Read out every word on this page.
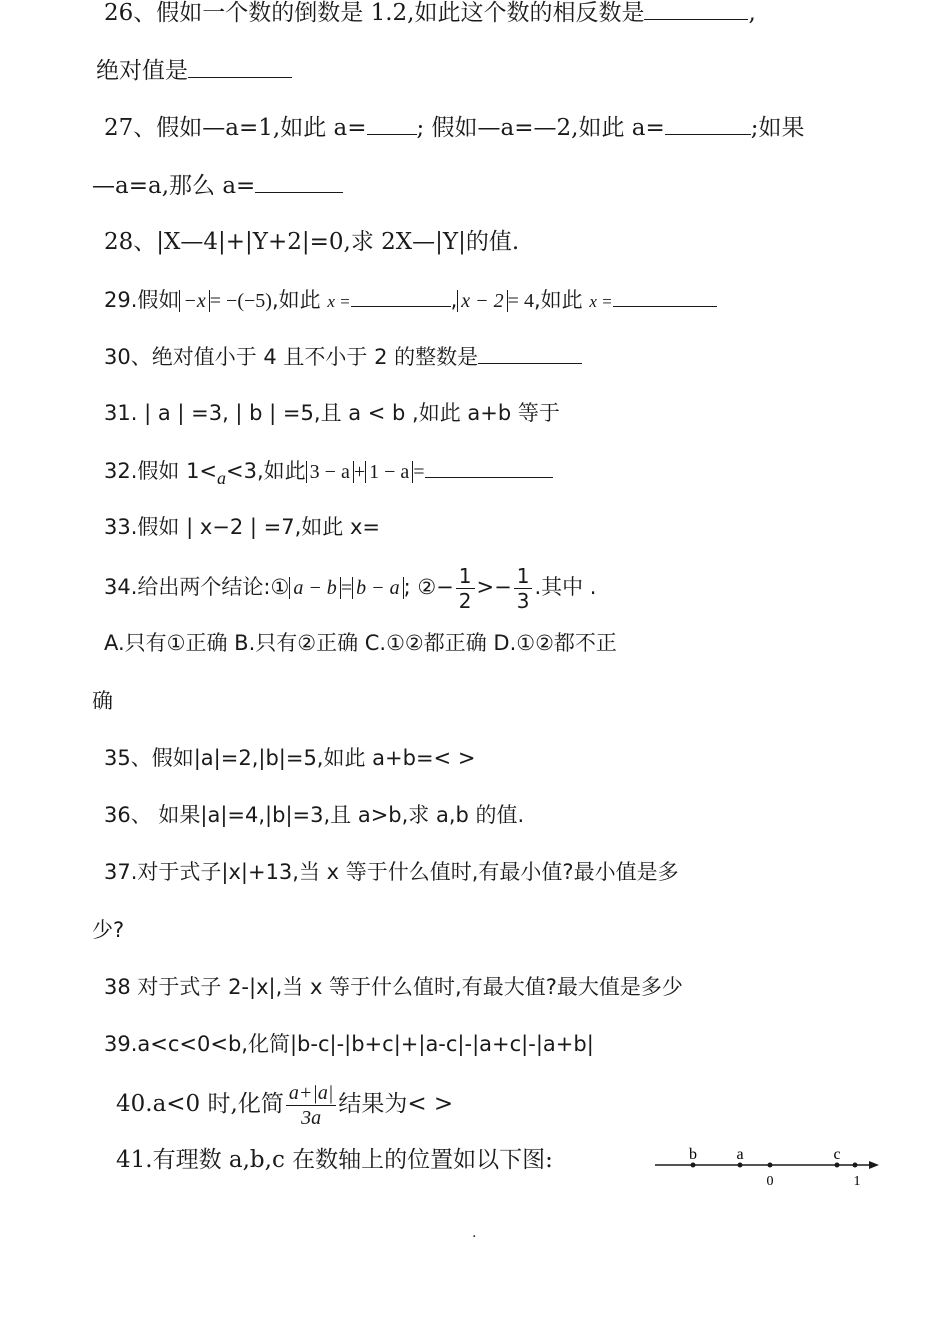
26、假如一个数的倒数是 1.2,如此这个数的相反数是	,
绝对值是
27、假如—a=1,如此 a= ; 假如—a=—2,如此 a=	;如果
—a=a,那么 a=
28、|X—4|+|Y+2|=0,求 2X—|Y|的值.
29.假如 −x = −(−5),如此 x =	, x − 2 = 4,如此 x =
30、绝对值小于 4 且不小于 2 的整数是
31. | a | =3, | b | =5,且 a < b ,如此 a+b 等于
32.假如 1<a<3,如此 3 − a + 1 − a =
33.假如 | x−2 | =7,如此 x=
34.给出两个结论:① a − b = b − a ; ②− $\frac{1}{2} >- \frac{1}{3}$ .其中 .
A.只有①正确 B.只有②正确 C.①②都正确 D.①②都不正
确
35、假如|a|=2,|b|=5,如此 a+b=< >
36、 如果|a|=4,|b|=3,且 a>b,求 a,b 的值.
37.对于式子|x|+13,当 x 等于什么值时,有最小值?最小值是多
少?
38 对于式子 2-|x|,当 x 等于什么值时,有最大值?最大值是多少
39.a<c<0<b,化简|b-c|-|b+c|+|a-c|-|a+c|-|a+b|
40.a<0 时,化简 $\frac{a+|a|}{3a}$ 结果为< >
41.有理数 a,b,c 在数轴上的位置如以下图:	b a	c
0	1
.
